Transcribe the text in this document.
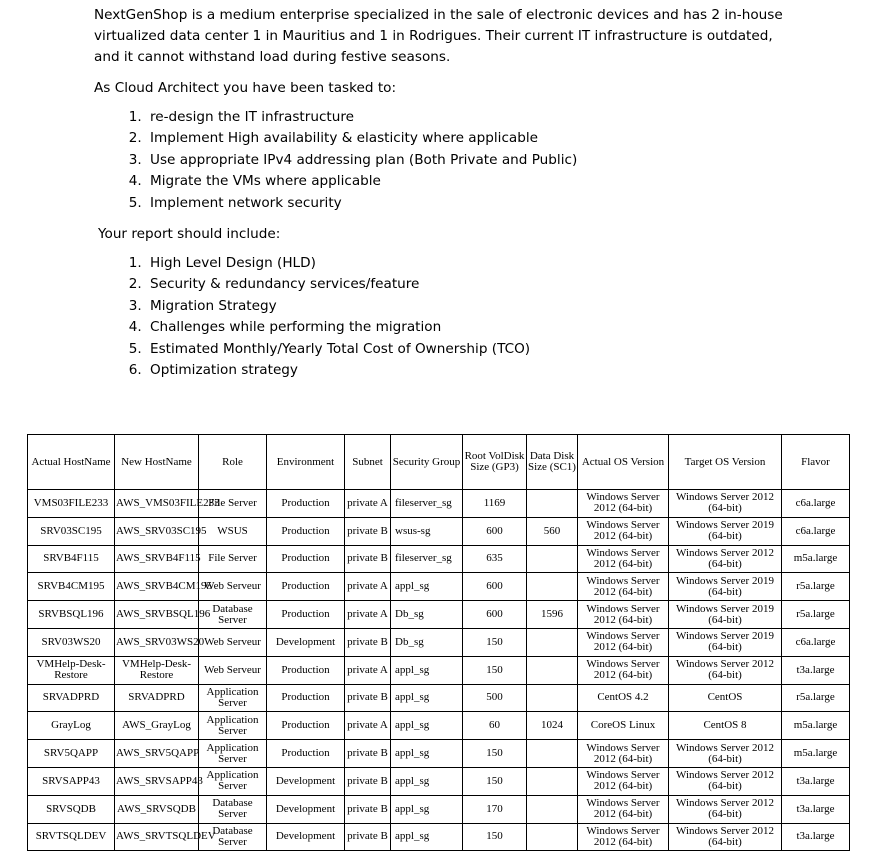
NextGenShop is a medium enterprise specialized in the sale of electronic devices and has 2 in-house virtualized data center 1 in Mauritius and 1 in Rodrigues. Their current IT infrastructure is outdated, and it cannot withstand load during festive seasons.

As Cloud Architect you have been tasked to:

1. re-design the IT infrastructure
2. Implement High availability & elasticity where applicable
3. Use appropriate IPv4 addressing plan (Both Private and Public)
4. Migrate the VMs where applicable
5. Implement network security

Your report should include:

1. High Level Design (HLD)
2. Security & redundancy services/feature
3. Migration Strategy
4. Challenges while performing the migration
5. Estimated Monthly/Yearly Total Cost of Ownership (TCO)
6. Optimization strategy
Actual HostName	New HostName	Role	Environment	Subnet	Security Group	Root VolDisk Size (GP3)	Data Disk Size (SC1)	Actual OS Version	Target OS Version	Flavor
VMS03FILE233	AWS_VMS03FILE233	File Server	Production	private A	fileserver_sg	1169		Windows Server 2012 (64-bit)	Windows Server 2012 (64-bit)	c6a.large
SRV03SC195	AWS_SRV03SC195	WSUS	Production	private B	wsus-sg	600	560	Windows Server 2012 (64-bit)	Windows Server 2019 (64-bit)	c6a.large
SRVB4F115	AWS_SRVB4F115	File Server	Production	private B	fileserver_sg	635		Windows Server 2012 (64-bit)	Windows Server 2012 (64-bit)	m5a.large
SRVB4CM195	AWS_SRVB4CM195	Web Serveur	Production	private A	appl_sg	600		Windows Server 2012 (64-bit)	Windows Server 2019 (64-bit)	r5a.large
SRVBSQL196	AWS_SRVBSQL196	Database Server	Production	private A	Db_sg	600	1596	Windows Server 2012 (64-bit)	Windows Server 2019 (64-bit)	r5a.large
SRV03WS20	AWS_SRV03WS20	Web Serveur	Development	private B	Db_sg	150		Windows Server 2012 (64-bit)	Windows Server 2019 (64-bit)	c6a.large
VMHelp-Desk-Restore	VMHelp-Desk-Restore	Web Serveur	Production	private A	appl_sg	150		Windows Server 2012 (64-bit)	Windows Server 2012 (64-bit)	t3a.large
SRVADPRD	SRVADPRD	Application Server	Production	private B	appl_sg	500		CentOS 4.2	CentOS	r5a.large
GrayLog	AWS_GrayLog	Application Server	Production	private A	appl_sg	60	1024	CoreOS Linux	CentOS 8	m5a.large
SRV5QAPP	AWS_SRV5QAPP	Application Server	Production	private B	appl_sg	150		Windows Server 2012 (64-bit)	Windows Server 2012 (64-bit)	m5a.large
SRVSAPP43	AWS_SRVSAPP43	Application Server	Development	private B	appl_sg	150		Windows Server 2012 (64-bit)	Windows Server 2012 (64-bit)	t3a.large
SRVSQDB	AWS_SRVSQDB	Database Server	Development	private B	appl_sg	170		Windows Server 2012 (64-bit)	Windows Server 2012 (64-bit)	t3a.large
SRVTSQLDEV	AWS_SRVTSQLDEV	Database Server	Development	private B	appl_sg	150		Windows Server 2012 (64-bit)	Windows Server 2012 (64-bit)	t3a.large
